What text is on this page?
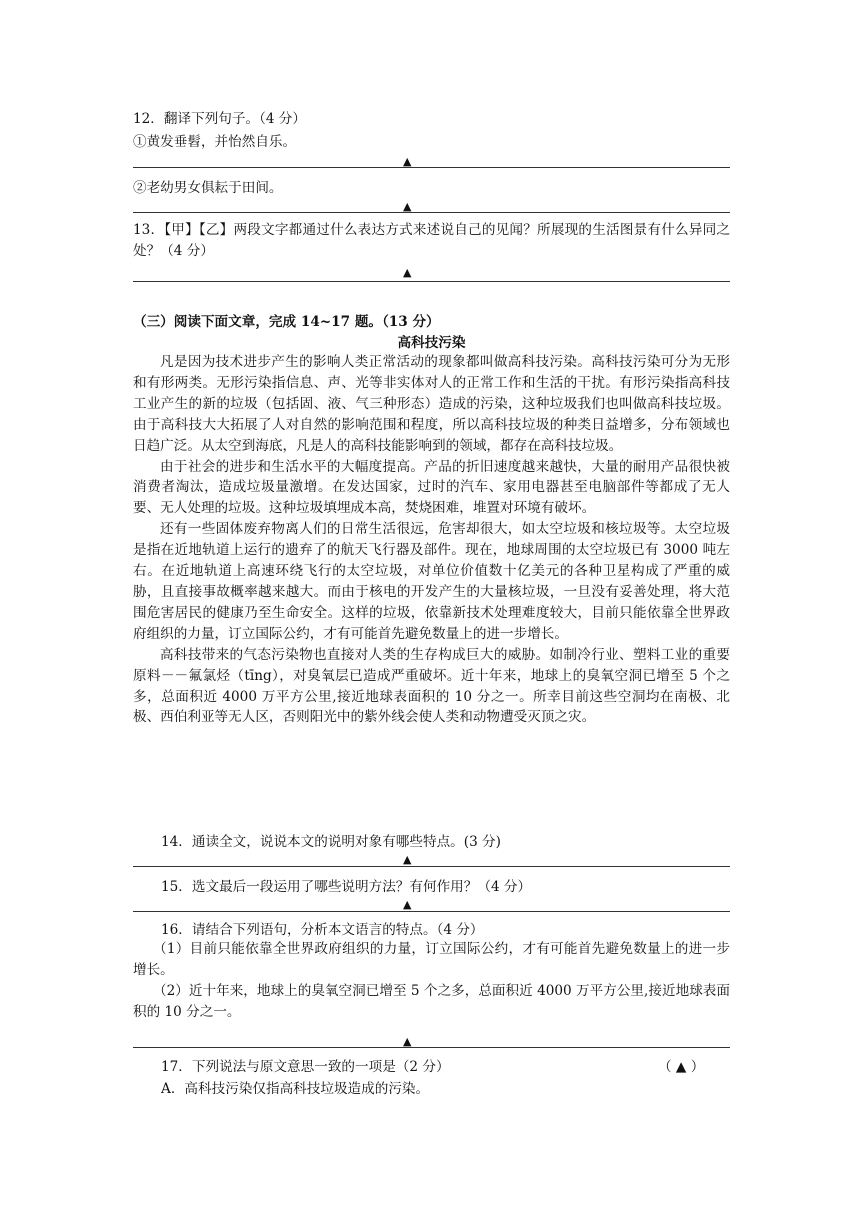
12．翻译下列句子。（4 分）
①黄发垂髫，并怡然自乐。
▲
②老幼男女俱耘于田间。
▲

13．【甲】【乙】两段文字都通过什么表达方式来述说自己的见闻？所展现的生活图景有什么异同之处？（4 分）

▲
（三）阅读下面文章，完成 14~17 题。（13 分）
高科技污染

凡是因为技术进步产生的影响人类正常活动的现象都叫做高科技污染。高科技污染可分为无形和有形两类。无形污染指信息、声、光等非实体对人的正常工作和生活的干扰。有形污染指高科技工业产生的新的垃圾（包括固、液、气三种形态）造成的污染，这种垃圾我们也叫做高科技垃圾。由于高科技大大拓展了人对自然的影响范围和程度，所以高科技垃圾的种类日益增多，分布领域也日趋广泛。从太空到海底，凡是人的高科技能影响到的领域，都存在高科技垃圾。

由于社会的进步和生活水平的大幅度提高。产品的折旧速度越来越快，大量的耐用产品很快被消费者淘汰，造成垃圾量激增。在发达国家，过时的汽车、家用电器甚至电脑部件等都成了无人要、无人处理的垃圾。这种垃圾填埋成本高，焚烧困难，堆置对环境有破坏。

还有一些固体废弃物离人们的日常生活很远，危害却很大，如太空垃圾和核垃圾等。太空垃圾是指在近地轨道上运行的遗弃了的航天飞行器及部件。现在，地球周围的太空垃圾已有 3000 吨左右。在近地轨道上高速环绕飞行的太空垃圾，对单位价值数十亿美元的各种卫星构成了严重的威胁，且直接事故概率越来越大。而由于核电的开发产生的大量核垃圾，一旦没有妥善处理，将大范围危害居民的健康乃至生命安全。这样的垃圾，依靠新技术处理难度较大，目前只能依靠全世界政府组织的力量，订立国际公约，才有可能首先避免数量上的进一步增长。

高科技带来的气态污染物也直接对人类的生存构成巨大的威胁。如制冷行业、塑料工业的重要原料－－氟氯烃（tīng），对臭氧层已造成严重破坏。近十年来，地球上的臭氧空洞已增至 5 个之多，总面积近 4000 万平方公里,接近地球表面积的 10 分之一。所幸目前这些空洞均在南极、北极、西伯利亚等无人区，否则阳光中的紫外线会使人类和动物遭受灭顶之灾。

14．通读全文，说说本文的说明对象有哪些特点。(3 分)
▲
15．选文最后一段运用了哪些说明方法？有何作用？（4 分）
▲
16．请结合下列语句，分析本文语言的特点。（4 分）

（1）目前只能依靠全世界政府组织的力量，订立国际公约，才有可能首先避免数量上的进一步增长。

（2）近十年来，地球上的臭氧空洞已增至 5 个之多，总面积近 4000 万平方公里,接近地球表面积的 10 分之一。

▲
17．下列说法与原文意思一致的一项是（2 分）	（ ▲ ）
A．高科技污染仅指高科技垃圾造成的污染。
